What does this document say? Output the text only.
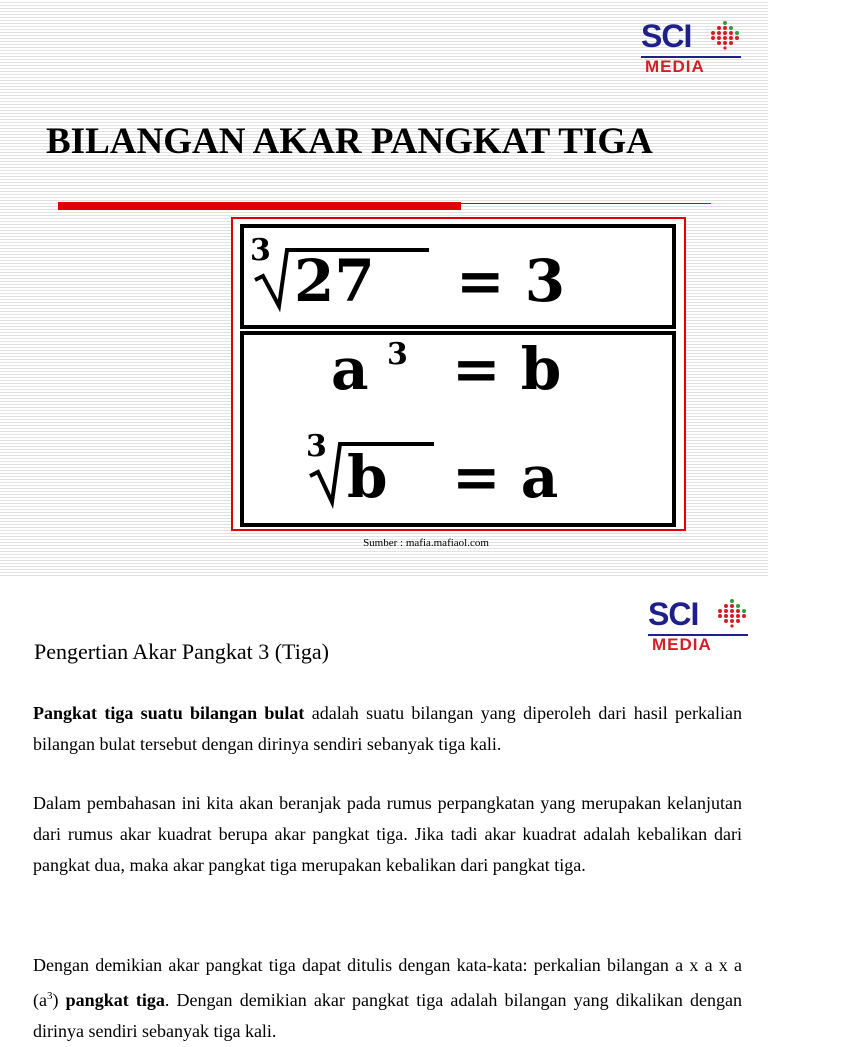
SCI
MEDIA
BILANGAN AKAR PANGKAT TIGA
3 27 = 3
a 3 = b
3 b = a
Sumber : mafia.mafiaol.com
SCI
MEDIA
Pengertian Akar Pangkat 3 (Tiga)

Pangkat tiga suatu bilangan bulat adalah suatu bilangan yang diperoleh dari hasil perkalian bilangan bulat tersebut dengan dirinya sendiri sebanyak tiga kali.

Dalam pembahasan ini kita akan beranjak pada rumus perpangkatan yang merupakan kelanjutan dari rumus akar kuadrat berupa akar pangkat tiga. Jika tadi akar kuadrat adalah kebalikan dari pangkat dua, maka akar pangkat tiga merupakan kebalikan dari pangkat tiga.

Dengan demikian akar pangkat tiga dapat ditulis dengan kata-kata: perkalian bilangan a x a x a $(a^3)$ pangkat tiga. Dengan demikian akar pangkat tiga adalah bilangan yang dikalikan dengan dirinya sendiri sebanyak tiga kali.
